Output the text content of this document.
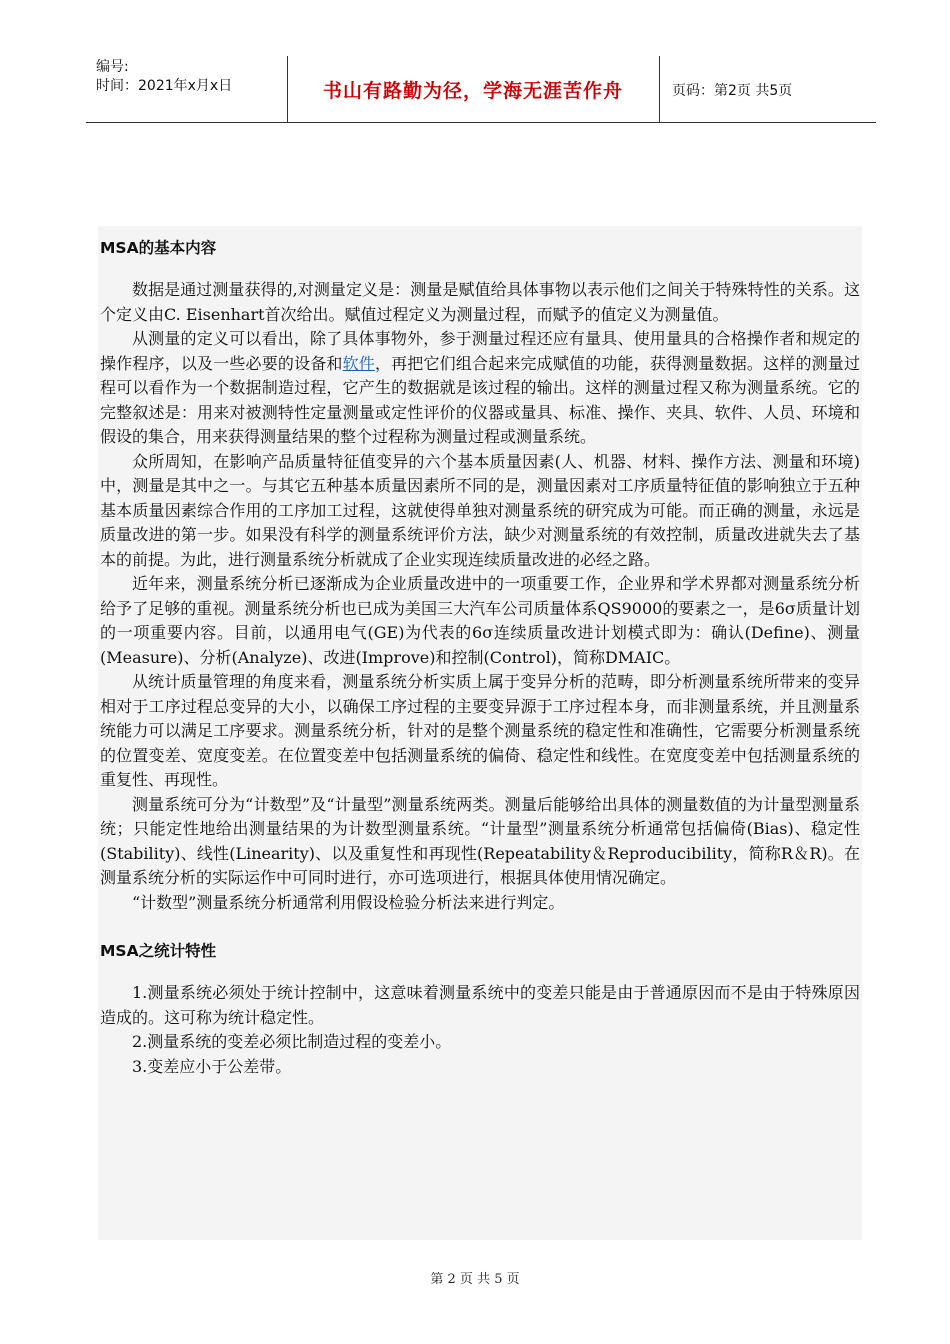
编号:
时间：2021年x月x日	书山有路勤为径，学海无涯苦作舟	页码：第2页 共5页
MSA的基本内容

数据是通过测量获得的,对测量定义是：测量是赋值给具体事物以表示他们之间关于特殊特性的关系。这个定义由C. Eisenhart首次给出。赋值过程定义为测量过程，而赋予的值定义为测量值。

从测量的定义可以看出，除了具体事物外，参于测量过程还应有量具、使用量具的合格操作者和规定的操作程序，以及一些必要的设备和软件，再把它们组合起来完成赋值的功能，获得测量数据。这样的测量过程可以看作为一个数据制造过程，它产生的数据就是该过程的输出。这样的测量过程又称为测量系统。它的完整叙述是：用来对被测特性定量测量或定性评价的仪器或量具、标准、操作、夹具、软件、人员、环境和假设的集合，用来获得测量结果的整个过程称为测量过程或测量系统。

众所周知，在影响产品质量特征值变异的六个基本质量因素(人、机器、材料、操作方法、测量和环境)中，测量是其中之一。与其它五种基本质量因素所不同的是，测量因素对工序质量特征值的影响独立于五种基本质量因素综合作用的工序加工过程，这就使得单独对测量系统的研究成为可能。而正确的测量，永远是质量改进的第一步。如果没有科学的测量系统评价方法，缺少对测量系统的有效控制，质量改进就失去了基本的前提。为此，进行测量系统分析就成了企业实现连续质量改进的必经之路。

近年来，测量系统分析已逐渐成为企业质量改进中的一项重要工作，企业界和学术界都对测量系统分析给予了足够的重视。测量系统分析也已成为美国三大汽车公司质量体系QS9000的要素之一，是6σ质量计划的一项重要内容。目前，以通用电气(GE)为代表的6σ连续质量改进计划模式即为：确认(Define)、测量(Measure)、分析(Analyze)、改进(Improve)和控制(Control)，简称DMAIC。

从统计质量管理的角度来看，测量系统分析实质上属于变异分析的范畴，即分析测量系统所带来的变异相对于工序过程总变异的大小，以确保工序过程的主要变异源于工序过程本身，而非测量系统，并且测量系统能力可以满足工序要求。测量系统分析，针对的是整个测量系统的稳定性和准确性，它需要分析测量系统的位置变差、宽度变差。在位置变差中包括测量系统的偏倚、稳定性和线性。在宽度变差中包括测量系统的重复性、再现性。

测量系统可分为“计数型”及“计量型”测量系统两类。测量后能够给出具体的测量数值的为计量型测量系统；只能定性地给出测量结果的为计数型测量系统。“计量型”测量系统分析通常包括偏倚(Bias)、稳定性(Stability)、线性(Linearity)、以及重复性和再现性(Repeatability＆Reproducibility，简称R＆R)。在测量系统分析的实际运作中可同时进行，亦可选项进行，根据具体使用情况确定。

“计数型”测量系统分析通常利用假设检验分析法来进行判定。

MSA之统计特性

1.测量系统必须处于统计控制中，这意味着测量系统中的变差只能是由于普通原因而不是由于特殊原因造成的。这可称为统计稳定性。

2.测量系统的变差必须比制造过程的变差小。

3.变差应小于公差带。

第 2 页 共 5 页
